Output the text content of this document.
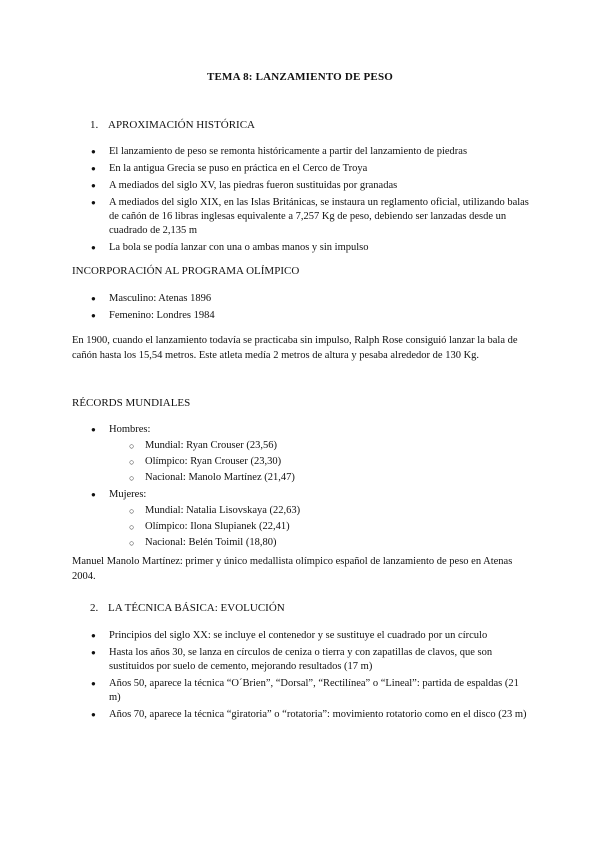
TEMA 8: LANZAMIENTO DE PESO
1. APROXIMACIÓN HISTÓRICA
● El lanzamiento de peso se remonta históricamente a partir del lanzamiento de piedras
● En la antigua Grecia se puso en práctica en el Cerco de Troya
● A mediados del siglo XV, las piedras fueron sustituidas por granadas
● A mediados del siglo XIX, en las Islas Británicas, se instaura un reglamento oficial, utilizando balas de cañón de 16 libras inglesas equivalente a 7,257 Kg de peso, debiendo ser lanzadas desde un cuadrado de 2,135 m
● La bola se podía lanzar con una o ambas manos y sin impulso
INCORPORACIÓN AL PROGRAMA OLÍMPICO
● Masculino: Atenas 1896
● Femenino: Londres 1984
En 1900, cuando el lanzamiento todavía se practicaba sin impulso, Ralph Rose consiguió lanzar la bala de cañón hasta los 15,54 metros. Este atleta medía 2 metros de altura y pesaba alrededor de 130 Kg.
RÉCORDS MUNDIALES
● Hombres:
○ Mundial: Ryan Crouser (23,56)
○ Olímpico: Ryan Crouser (23,30)
○ Nacional: Manolo Martínez (21,47)
● Mujeres:
○ Mundial: Natalia Lisovskaya (22,63)
○ Olímpico: Ilona Slupianek (22,41)
○ Nacional: Belén Toimil (18,80)
Manuel Manolo Martínez: primer y único medallista olímpico español de lanzamiento de peso en Atenas 2004.
2. LA TÉCNICA BÁSICA: EVOLUCIÓN
● Principios del siglo XX: se incluye el contenedor y se sustituye el cuadrado por un círculo
● Hasta los años 30, se lanza en círculos de ceniza o tierra y con zapatillas de clavos, que son sustituidos por suelo de cemento, mejorando resultados (17 m)
● Años 50, aparece la técnica “O´Brien”, “Dorsal”, “Rectilínea” o “Lineal”: partida de espaldas (21 m)
● Años 70, aparece la técnica “giratoria” o “rotatoria”: movimiento rotatorio como en el disco (23 m)
